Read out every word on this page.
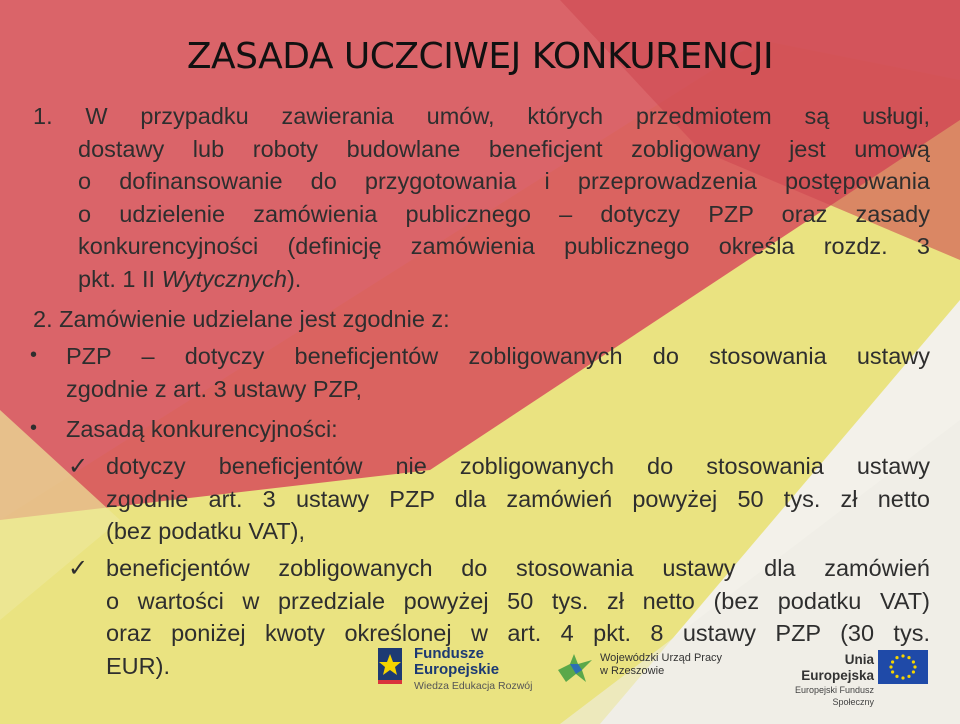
ZASADA UCZCIWEJ KONKURENCJI
1. W przypadku zawierania umów, których przedmiotem są usługi,
dostawy lub roboty budowlane beneficjent zobligowany jest umową
o dofinansowanie do przygotowania i przeprowadzenia postępowania
o udzielenie zamówienia publicznego – dotyczy PZP oraz zasady
konkurencyjności (definicję zamówienia publicznego określa rozdz. 3
pkt. 1 II Wytycznych).
2. Zamówienie udzielane jest zgodnie z:
• PZP – dotyczy beneficjentów zobligowanych do stosowania ustawy
zgodnie z art. 3 ustawy PZP,
• Zasadą konkurencyjności:
✓ dotyczy beneficjentów nie zobligowanych do stosowania ustawy
zgodnie art. 3 ustawy PZP dla zamówień powyżej 50 tys. zł netto
(bez podatku VAT),
✓ beneficjentów zobligowanych do stosowania ustawy dla zamówień
o wartości w przedziale powyżej 50 tys. zł netto (bez podatku VAT)
oraz poniżej kwoty określonej w art. 4 pkt. 8 ustawy PZP (30 tys.
EUR).	Fundusze
Europejskie
Wiedza Edukacja Rozwój
Wojewódzki Urząd Pracy
w Rzeszowie
Unia Europejska
Europejski Fundusz Społeczny
